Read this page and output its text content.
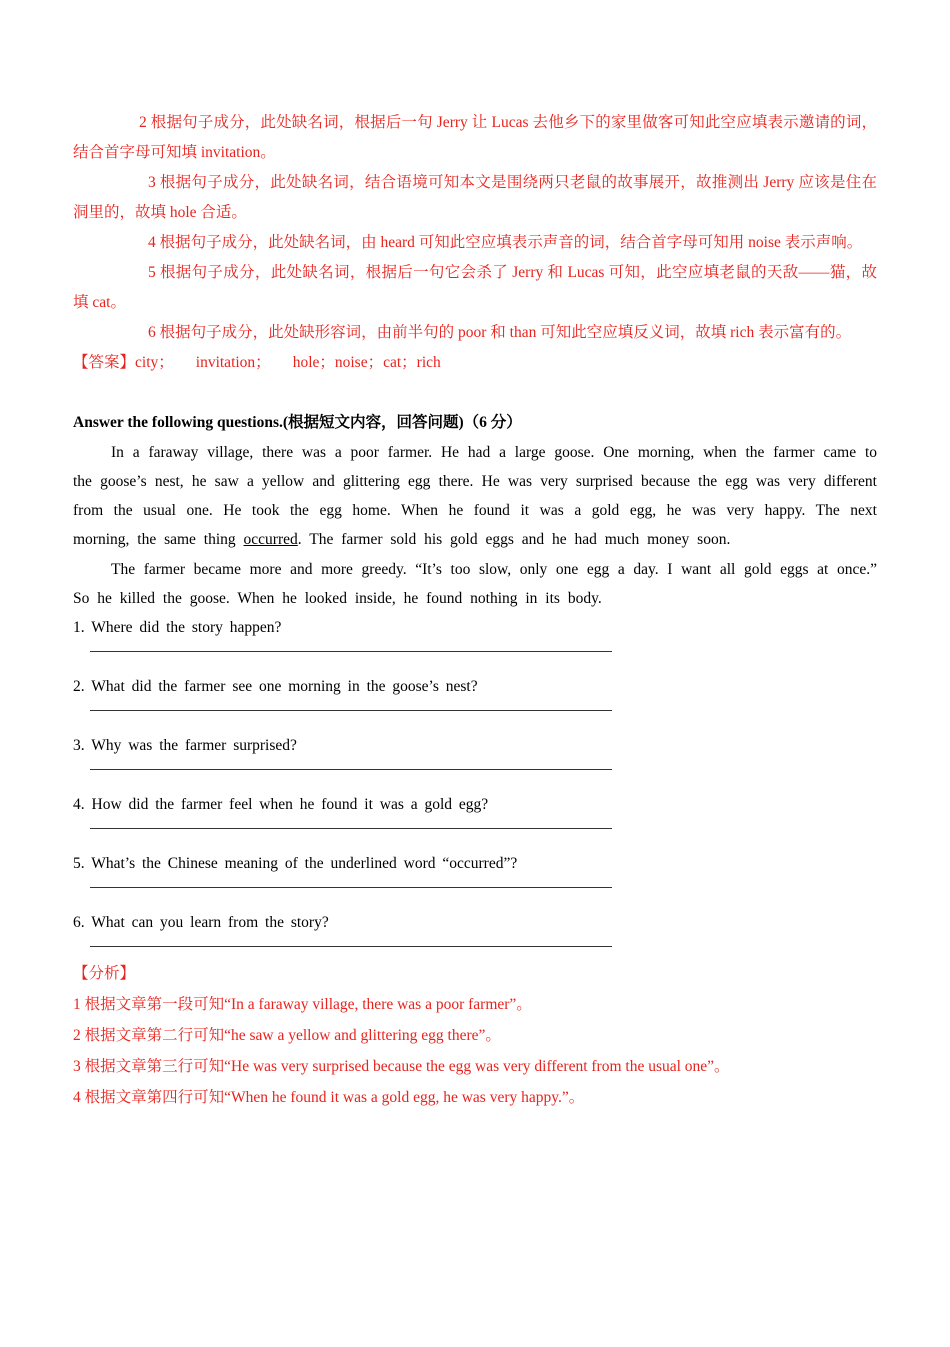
2 根据句子成分，此处缺名词，根据后一句 Jerry 让 Lucas 去他乡下的家里做客可知此空应填表示邀请的词，结合首字母可知填 invitation。

3 根据句子成分，此处缺名词，结合语境可知本文是围绕两只老鼠的故事展开，故推测出 Jerry 应该是住在洞里的，故填 hole 合适。

4 根据句子成分，此处缺名词，由 heard 可知此空应填表示声音的词，结合首字母可知用 noise 表示声响。

5 根据句子成分，此处缺名词，根据后一句它会杀了 Jerry 和 Lucas 可知，此空应填老鼠的天敌——猫，故填 cat。

6 根据句子成分，此处缺形容词，由前半句的 poor 和 than 可知此空应填反义词，故填 rich 表示富有的。

【答案】city； invitation； hole；noise；cat；rich

Answer the following questions.(根据短文内容，回答问题)（6 分）

In a faraway village, there was a poor farmer. He had a large goose. One morning, when the farmer came to the goose’s nest, he saw a yellow and glittering egg there. He was very surprised because the egg was very different from the usual one. He took the egg home. When he found it was a gold egg, he was very happy. The next morning, the same thing occurred. The farmer sold his gold eggs and he had much money soon.

The farmer became more and more greedy. “It’s too slow, only one egg a day. I want all gold eggs at once.” So he killed the goose. When he looked inside, he found nothing in its body.

1. Where did the story happen?

2. What did the farmer see one morning in the goose’s nest?

3. Why was the farmer surprised?

4. How did the farmer feel when he found it was a gold egg?

5. What’s the Chinese meaning of the underlined word “occurred”?

6. What can you learn from the story?

【分析】

1 根据文章第一段可知“In a faraway village, there was a poor farmer”。

2 根据文章第二行可知“he saw a yellow and glittering egg there”。

3 根据文章第三行可知“He was very surprised because the egg was very different from the usual one”。

4 根据文章第四行可知“When he found it was a gold egg, he was very happy.”。
